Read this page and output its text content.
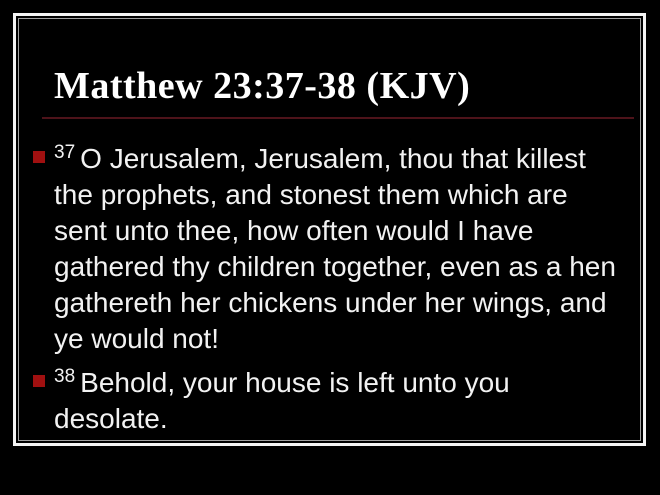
Matthew 23:37-38 (KJV)
$^{37}$ O Jerusalem, Jerusalem, thou that killest the prophets, and stonest them which are sent unto thee, how often would I have gathered thy children together, even as a hen gathereth her chickens under her wings, and ye would not!
$^{38}$ Behold, your house is left unto you desolate.
